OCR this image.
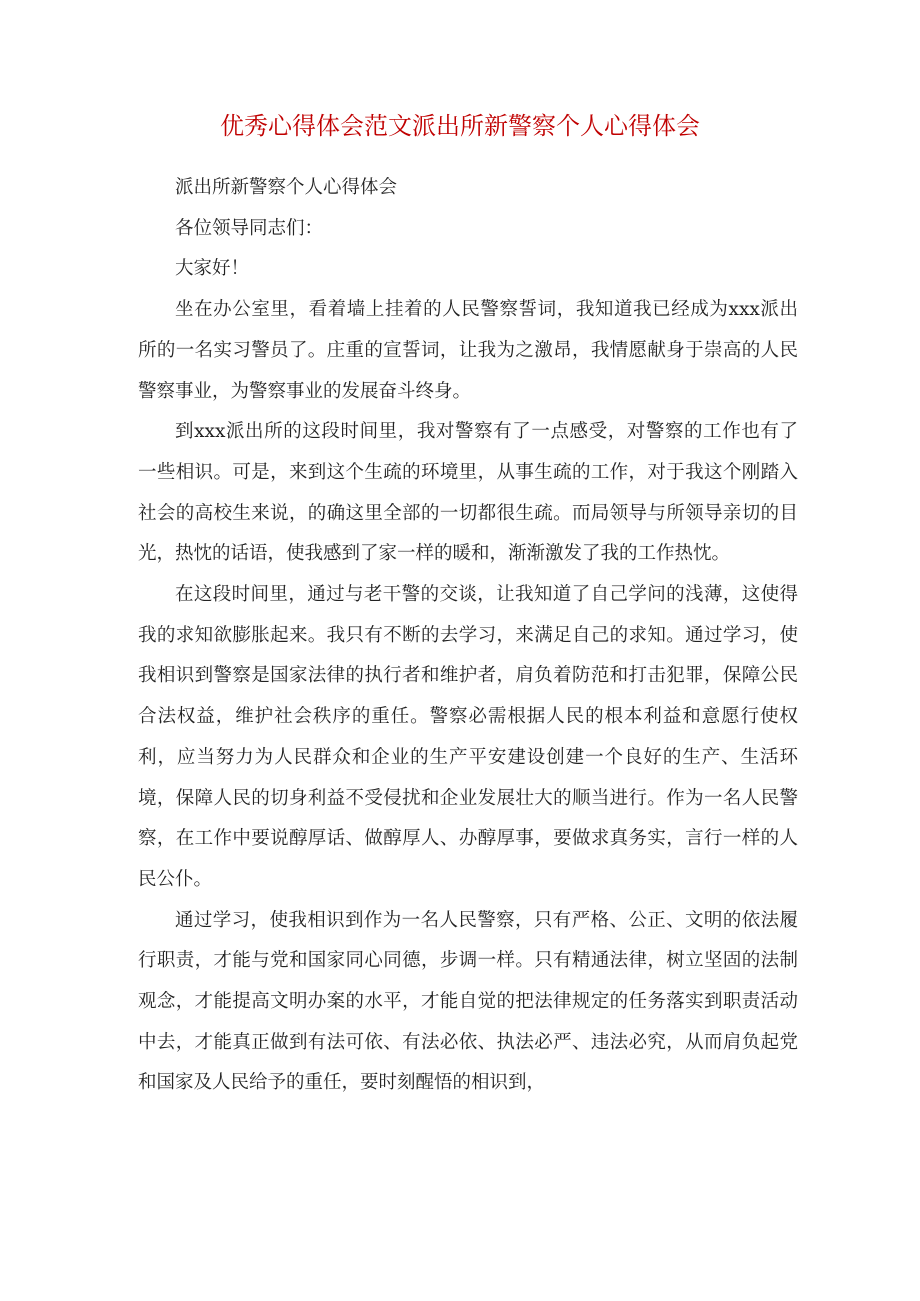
优秀心得体会范文派出所新警察个人心得体会

派出所新警察个人心得体会

各位领导同志们：

大家好！

坐在办公室里，看着墙上挂着的人民警察誓词，我知道我已经成为xxx派出所的一名实习警员了。庄重的宣誓词，让我为之激昂，我情愿献身于崇高的人民警察事业，为警察事业的发展奋斗终身。

到xxx派出所的这段时间里，我对警察有了一点感受，对警察的工作也有了一些相识。可是，来到这个生疏的环境里，从事生疏的工作，对于我这个刚踏入社会的高校生来说，的确这里全部的一切都很生疏。而局领导与所领导亲切的目光，热忱的话语，使我感到了家一样的暖和，渐渐激发了我的工作热忱。

在这段时间里，通过与老干警的交谈，让我知道了自己学问的浅薄，这使得我的求知欲膨胀起来。我只有不断的去学习，来满足自己的求知。通过学习，使我相识到警察是国家法律的执行者和维护者，肩负着防范和打击犯罪，保障公民合法权益，维护社会秩序的重任。警察必需根据人民的根本利益和意愿行使权利，应当努力为人民群众和企业的生产平安建设创建一个良好的生产、生活环境，保障人民的切身利益不受侵扰和企业发展壮大的顺当进行。作为一名人民警察，在工作中要说醇厚话、做醇厚人、办醇厚事，要做求真务实，言行一样的人民公仆。

通过学习，使我相识到作为一名人民警察，只有严格、公正、文明的依法履行职责，才能与党和国家同心同德，步调一样。只有精通法律，树立坚固的法制观念，才能提高文明办案的水平，才能自觉的把法律规定的任务落实到职责活动中去，才能真正做到有法可依、有法必依、执法必严、违法必究，从而肩负起党和国家及人民给予的重任，要时刻醒悟的相识到，
